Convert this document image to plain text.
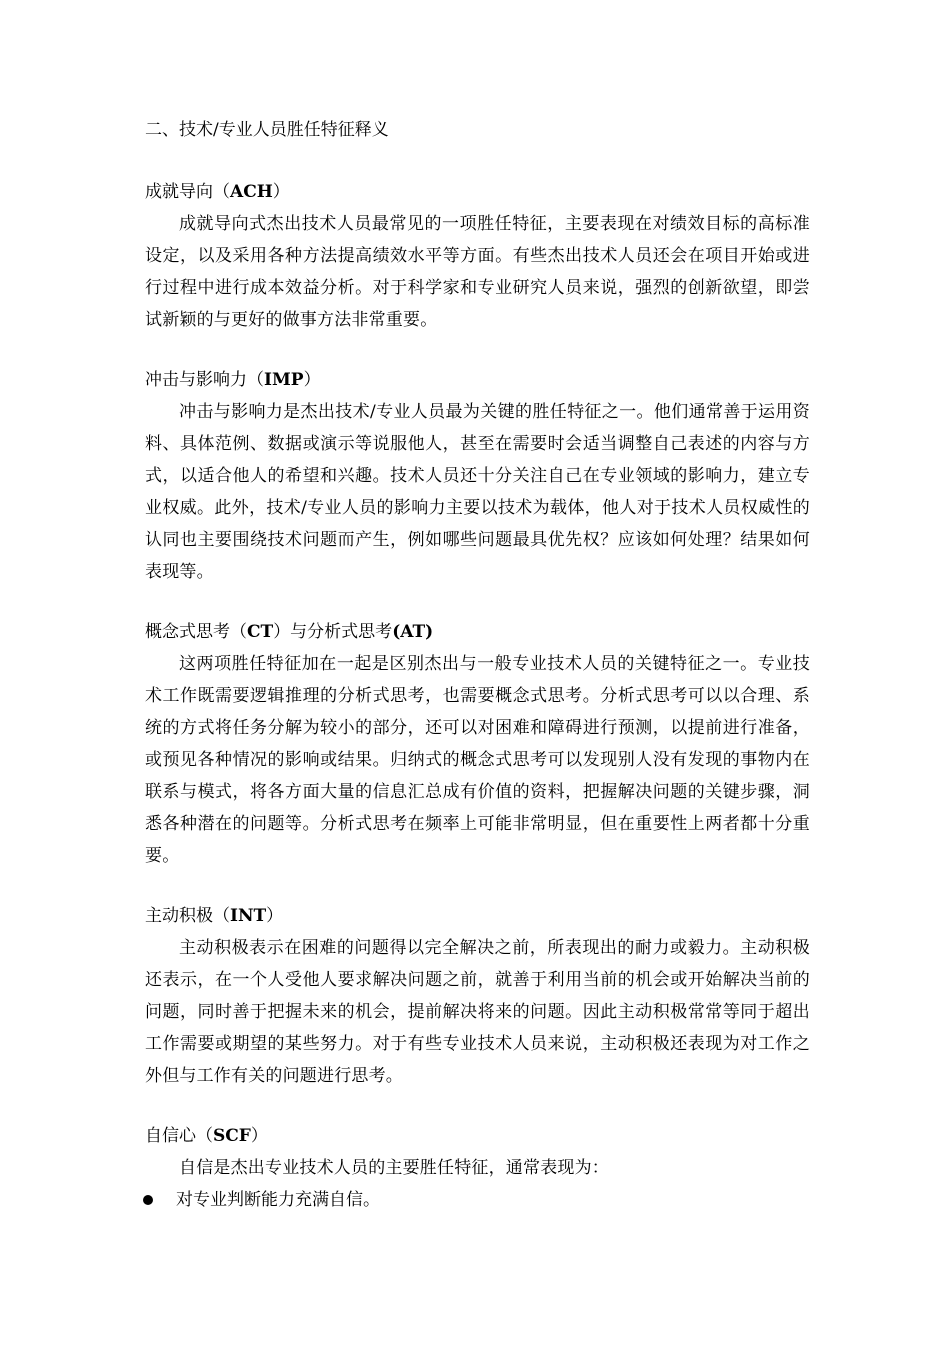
二、技术/专业人员胜任特征释义
成就导向（ACH）

成就导向式杰出技术人员最常见的一项胜任特征，主要表现在对绩效目标的高标准设定，以及采用各种方法提高绩效水平等方面。有些杰出技术人员还会在项目开始或进行过程中进行成本效益分析。对于科学家和专业研究人员来说，强烈的创新欲望，即尝试新颖的与更好的做事方法非常重要。

冲击与影响力（IMP）

冲击与影响力是杰出技术/专业人员最为关键的胜任特征之一。他们通常善于运用资料、具体范例、数据或演示等说服他人，甚至在需要时会适当调整自己表述的内容与方式，以适合他人的希望和兴趣。技术人员还十分关注自己在专业领域的影响力，建立专业权威。此外，技术/专业人员的影响力主要以技术为载体，他人对于技术人员权威性的认同也主要围绕技术问题而产生，例如哪些问题最具优先权？应该如何处理？结果如何表现等。

概念式思考（CT）与分析式思考(AT)

这两项胜任特征加在一起是区别杰出与一般专业技术人员的关键特征之一。专业技术工作既需要逻辑推理的分析式思考，也需要概念式思考。分析式思考可以以合理、系统的方式将任务分解为较小的部分，还可以对困难和障碍进行预测，以提前进行准备，或预见各种情况的影响或结果。归纳式的概念式思考可以发现别人没有发现的事物内在联系与模式，将各方面大量的信息汇总成有价值的资料，把握解决问题的关键步骤，洞悉各种潜在的问题等。分析式思考在频率上可能非常明显，但在重要性上两者都十分重要。

主动积极（INT）

主动积极表示在困难的问题得以完全解决之前，所表现出的耐力或毅力。主动积极还表示，在一个人受他人要求解决问题之前，就善于利用当前的机会或开始解决当前的问题，同时善于把握未来的机会，提前解决将来的问题。因此主动积极常常等同于超出工作需要或期望的某些努力。对于有些专业技术人员来说，主动积极还表现为对工作之外但与工作有关的问题进行思考。

自信心（SCF）

自信是杰出专业技术人员的主要胜任特征，通常表现为：

对专业判断能力充满自信。
